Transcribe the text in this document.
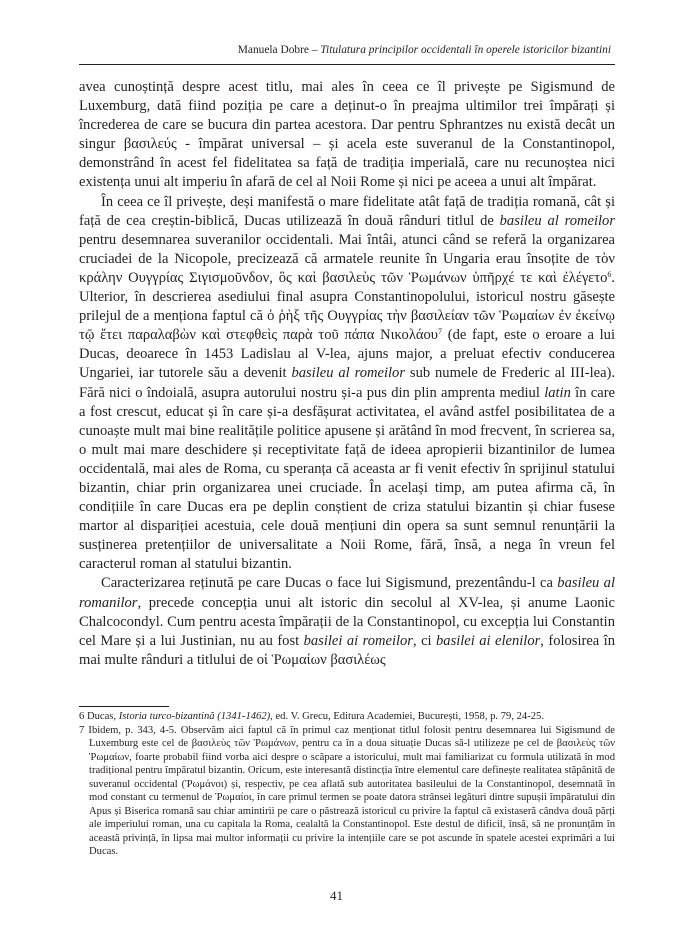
Manuela Dobre – Titulatura principilor occidentali în operele istoricilor bizantini

avea cunoștință despre acest titlu, mai ales în ceea ce îl privește pe Sigismund de Luxemburg, dată fiind poziția pe care a deținut-o în preajma ultimilor trei împărați și încrederea de care se bucura din partea acestora. Dar pentru Sphrantzes nu există decât un singur βασιλεύς - împărat universal – și acela este suveranul de la Constantinopol, demonstrând în acest fel fidelitatea sa față de tradiția imperială, care nu recunoștea nici existența unui alt imperiu în afară de cel al Noii Rome și nici pe aceea a unui alt împărat.

În ceea ce îl privește, deși manifestă o mare fidelitate atât față de tradiția romană, cât și față de cea creștin-biblică, Ducas utilizează în două rânduri titlul de basileu al romeilor pentru desemnarea suveranilor occidentali. Mai întâi, atunci când se referă la organizarea cruciadei de la Nicopole, precizează că armatele reunite în Ungaria erau însoțite de τὸν κράλην Ουγγρίας Σιγισμοῦνδον, ὃς καὶ βασιλεὺς τῶν Ῥωμάνων ὑπῆρχέ τε καὶ ἐλέγετο$^6$. Ulterior, în descrierea asediului final asupra Constantinopolului, istoricul nostru găsește prilejul de a menționa faptul că ὁ ῥὴξ τῆς Ουγγρίας τὴν βασιλείαν τῶν Ῥωμαίων ἐν ἐκείνῳ τῷ ἔτει παραλαβὼν καὶ στεφθεὶς παρὰ τοῦ πάπα Νικολάου$^7$ (de fapt, este o eroare a lui Ducas, deoarece în 1453 Ladislau al V-lea, ajuns major, a preluat efectiv conducerea Ungariei, iar tutorele său a devenit basileu al romeilor sub numele de Frederic al III-lea). Fără nici o îndoială, asupra autorului nostru și-a pus din plin amprenta mediul latin în care a fost crescut, educat și în care și-a desfășurat activitatea, el având astfel posibilitatea de a cunoaște mult mai bine realitățile politice apusene și arătând în mod frecvent, în scrierea sa, o mult mai mare deschidere și receptivitate față de ideea apropierii bizantinilor de lumea occidentală, mai ales de Roma, cu speranța că aceasta ar fi venit efectiv în sprijinul statului bizantin, chiar prin organizarea unei cruciade. În același timp, am putea afirma că, în condițiile în care Ducas era pe deplin conștient de criza statului bizantin și chiar fusese martor al dispariției acestuia, cele două mențiuni din opera sa sunt semnul renunțării la susținerea pretențiilor de universalitate a Noii Rome, fără, însă, a nega în vreun fel caracterul roman al statului bizantin.

Caracterizarea reținută pe care Ducas o face lui Sigismund, prezentându-l ca basileu al romanilor, precede concepția unui alt istoric din secolul al XV-lea, și anume Laonic Chalcocondyl. Cum pentru acesta împărații de la Constantinopol, cu excepția lui Constantin cel Mare și a lui Justinian, nu au fost basilei ai romeilor, ci basilei ai elenilor, folosirea în mai multe rânduri a titlului de οἱ Ῥωμαίων βασιλέως

6 Ducas, Istoria turco-bizantină (1341-1462), ed. V. Grecu, Editura Academiei, București, 1958, p. 79, 24-25.

7 Ibidem, p. 343, 4-5. Observăm aici faptul că în primul caz menționat titlul folosit pentru desemnarea lui Sigismund de Luxemburg este cel de βασιλεὺς τῶν Ῥωμάνων, pentru ca în a doua situație Ducas să-l utilizeze pe cel de βασιλεὺς τῶν Ῥωμαίων, foarte probabil fiind vorba aici despre o scăpare a istoricului, mult mai familiarizat cu formula utilizată în mod tradițional pentru împăratul bizantin. Oricum, este interesantă distincția între elementul care definește realitatea stăpânită de suveranul occidental (Ῥωμάνοι) și, respectiv, pe cea aflată sub autoritatea basileului de la Constantinopol, desemnată în mod constant cu termenul de Ῥωμαίοι, în care primul termen se poate datora strânsei legături dintre supușii împăratului din Apus și Biserica romană sau chiar amintirii pe care o păstrează istoricul cu privire la faptul că existaseră cândva două părți ale imperiului roman, una cu capitala la Roma, cealaltă la Constantinopol. Este destul de dificil, însă, să ne pronunțăm în această privință, în lipsa mai multor informații cu privire la intențiile care se pot ascunde în spatele acestei exprimări a lui Ducas.

41
